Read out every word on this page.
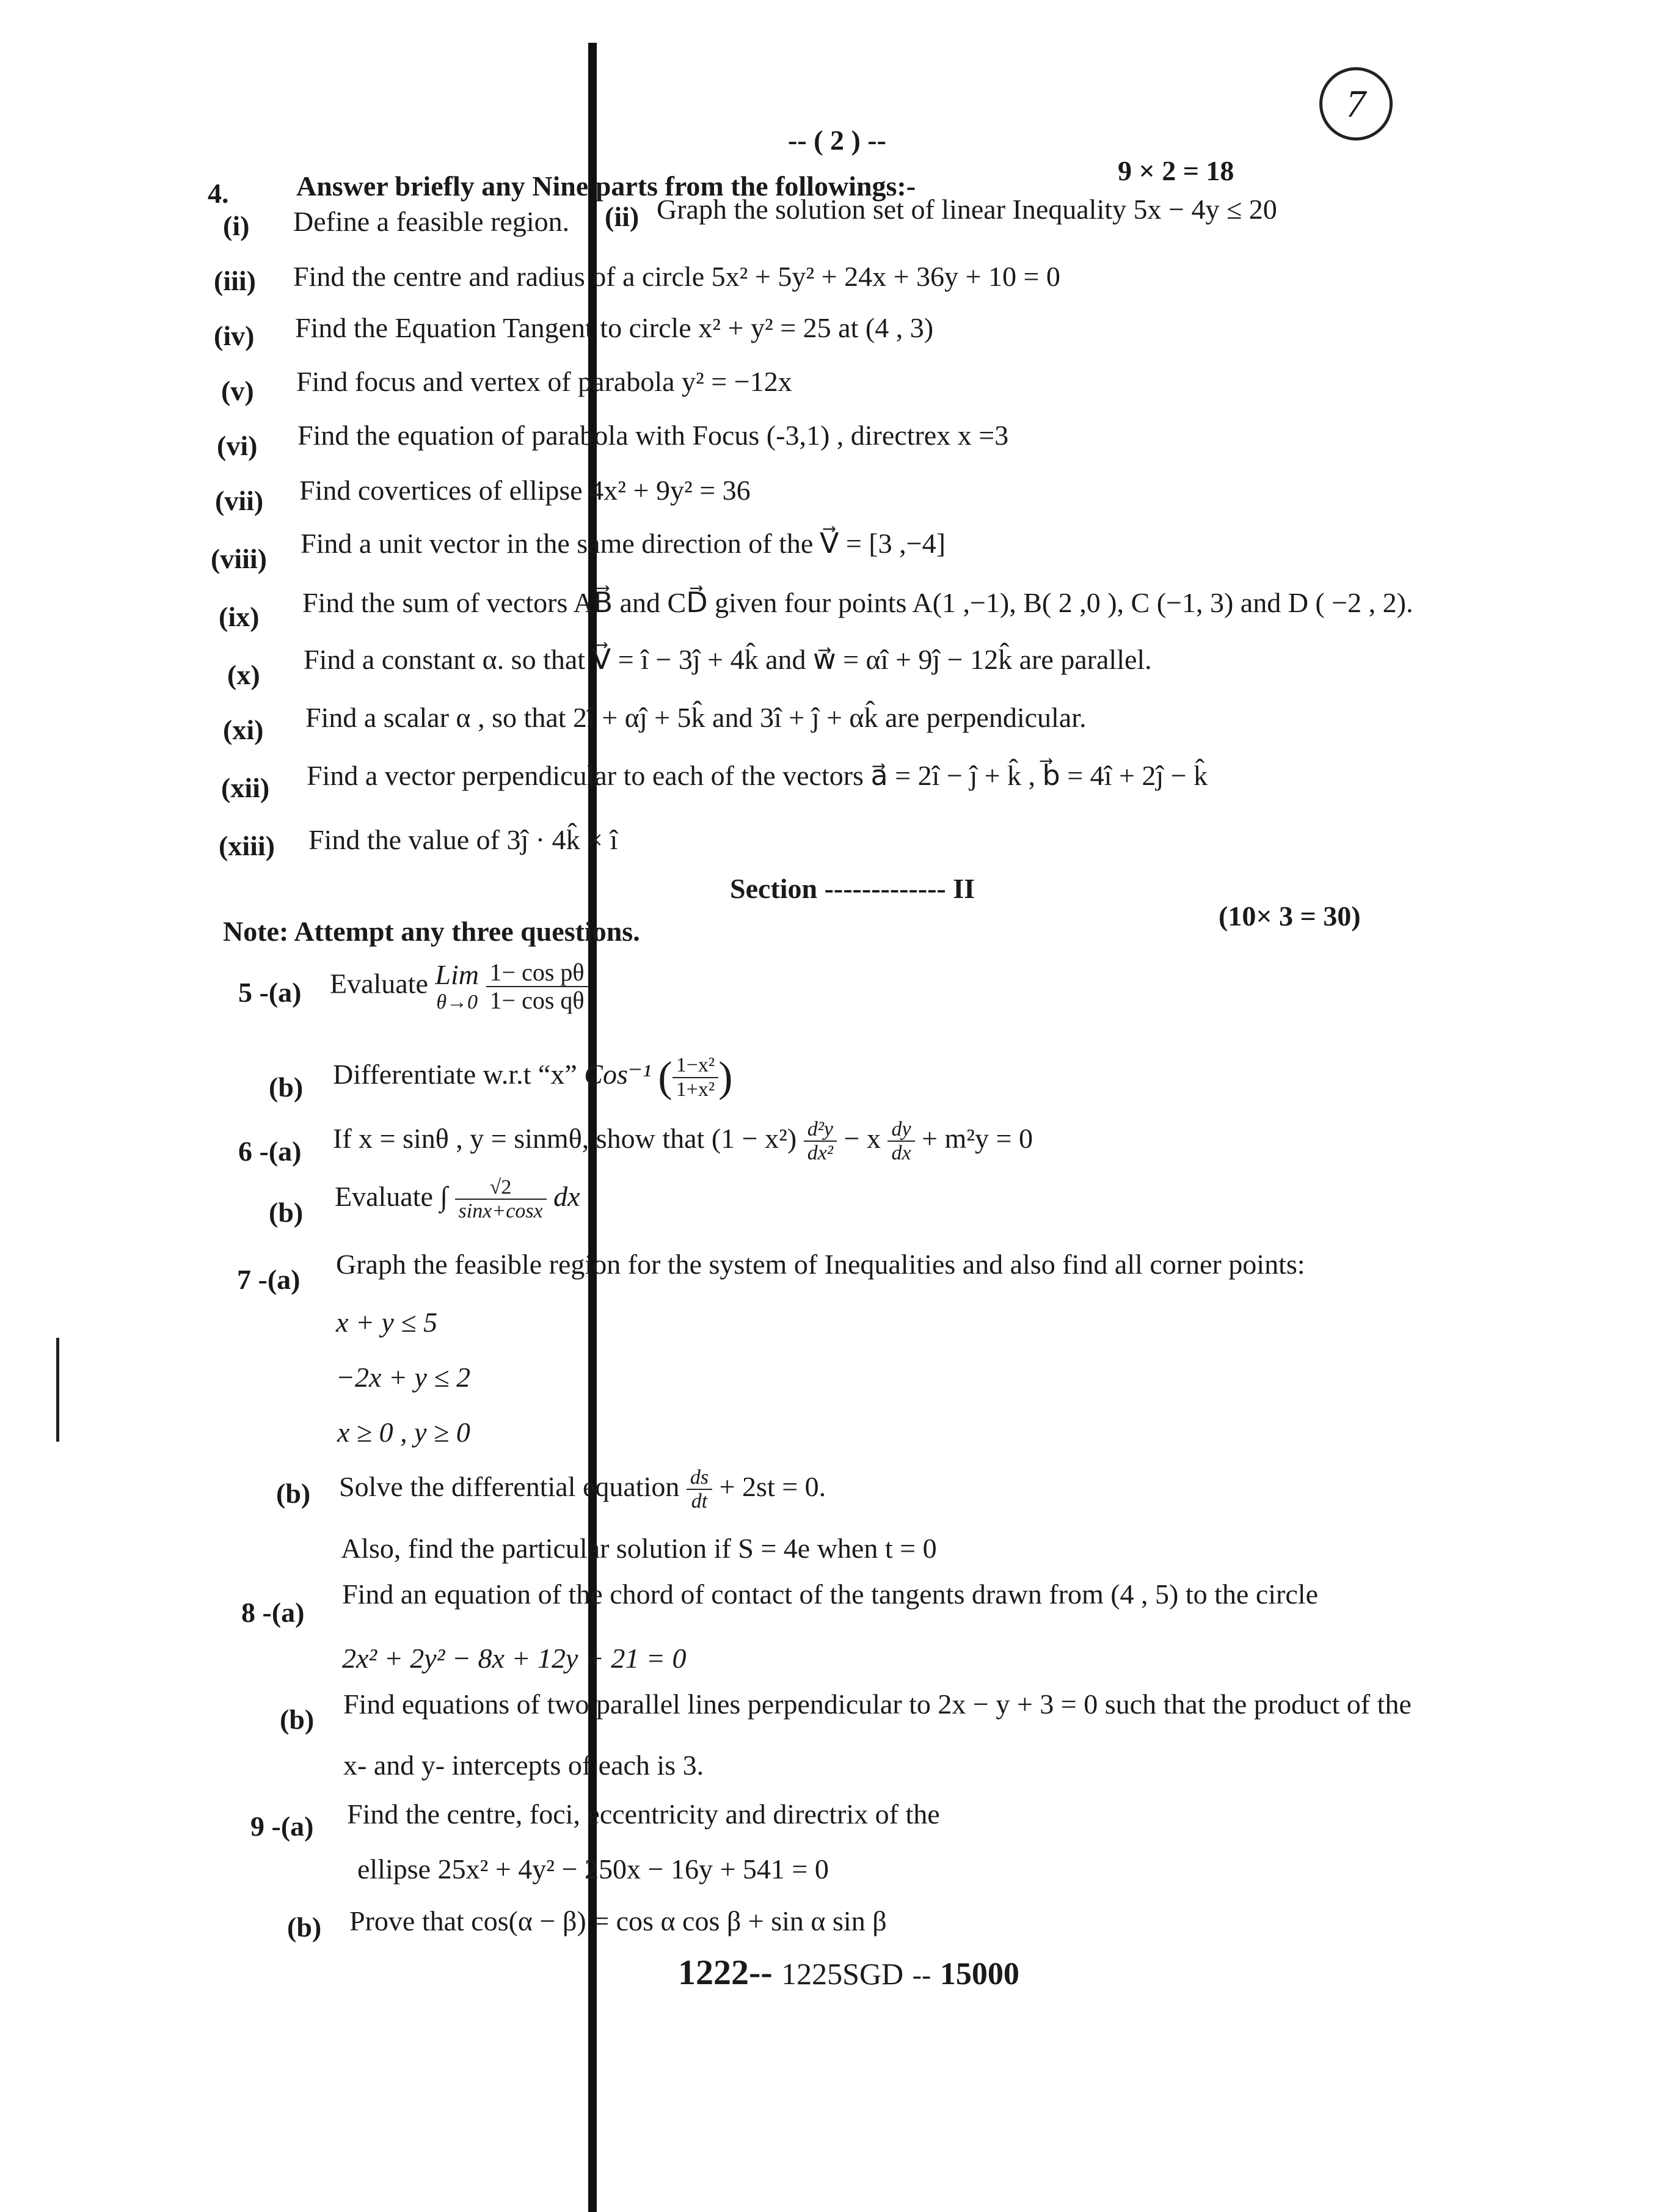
-- ( 2 ) --
7
4. Answer briefly any Nine parts from the followings:-	9 × 2 = 18
(i) Define a feasible region. (ii) Graph the solution set of linear Inequality 5x − 4y ≤ 20
(iii) Find the centre and radius of a circle 5x² + 5y² + 24x + 36y + 10 = 0
(iv) Find the Equation Tangent to circle x² + y² = 25 at (4 , 3)
(v) Find focus and vertex of parabola y² = −12x
(vi) Find the equation of parabola with Focus (-3,1) , directrex x =3
(vii) Find covertices of ellipse 4x² + 9y² = 36
(viii) Find a unit vector in the same direction of the V⃗ = [3 ,−4]
(ix) Find the sum of vectors AB⃗ and CD⃗ given four points A(1 ,−1), B( 2 ,0 ), C (−1, 3) and D ( −2 , 2).
(x) Find a constant α. so that V⃗ = î − 3ĵ + 4k̂ and w⃗ = αî + 9ĵ − 12k̂ are parallel.
(xi) Find a scalar α , so that 2î + αĵ + 5k̂ and 3î + ĵ + αk̂ are perpendicular.
(xii) Find a vector perpendicular to each of the vectors a⃗ = 2î − ĵ + k̂ , b⃗ = 4î + 2ĵ − k̂
(xiii) Find the value of 3ĵ · 4k̂ × î
Section ------------- II
Note: Attempt any three questions.	(10× 3 = 30)
5 -(a) Evaluate Lim
θ→0
$\frac{\text{1− cos pθ}}{\text{1− cos qθ}}$
(b) Differentiate w.r.t “x” Cos⁻¹ ( $\frac{\text{1−x²}}{\text{1+x²}}$ )
6 -(a) If x = sinθ , y = sinmθ, show that $(1 - x^2) \frac{\text{d²y}}{\text{dx²}} - x \frac{dy}{dx} + m^2y = 0$
(b)
Evaluate ∫ $\frac{√2}{\sin x+\cos x}$ dx
7 -(a) Graph the feasible region for the system of Inequalities and also find all corner points:
x + y ≤ 5
−2x + y ≤ 2
x ≥ 0 , y ≥ 0
(b) Solve the differential equation $\frac{ds}{dt} + 2st = 0$.
Also, find the particular solution if S = 4e when t = 0
8 -(a)
Find an equation of the chord of contact of the tangents drawn from (4 , 5) to the circle
2x² + 2y² − 8x + 12y + 21 = 0
(b) Find equations of two parallel lines perpendicular to 2x − y + 3 = 0 such that the product of the
x- and y- intercepts of each is 3.
9 -(a) Find the centre, foci, eccentricity and directrix of the
ellipse 25x² + 4y² − 250x − 16y + 541 = 0
(b) Prove that cos(α − β) = cos α cos β + sin α sin β
1222-- 1225SGD -- 15000
